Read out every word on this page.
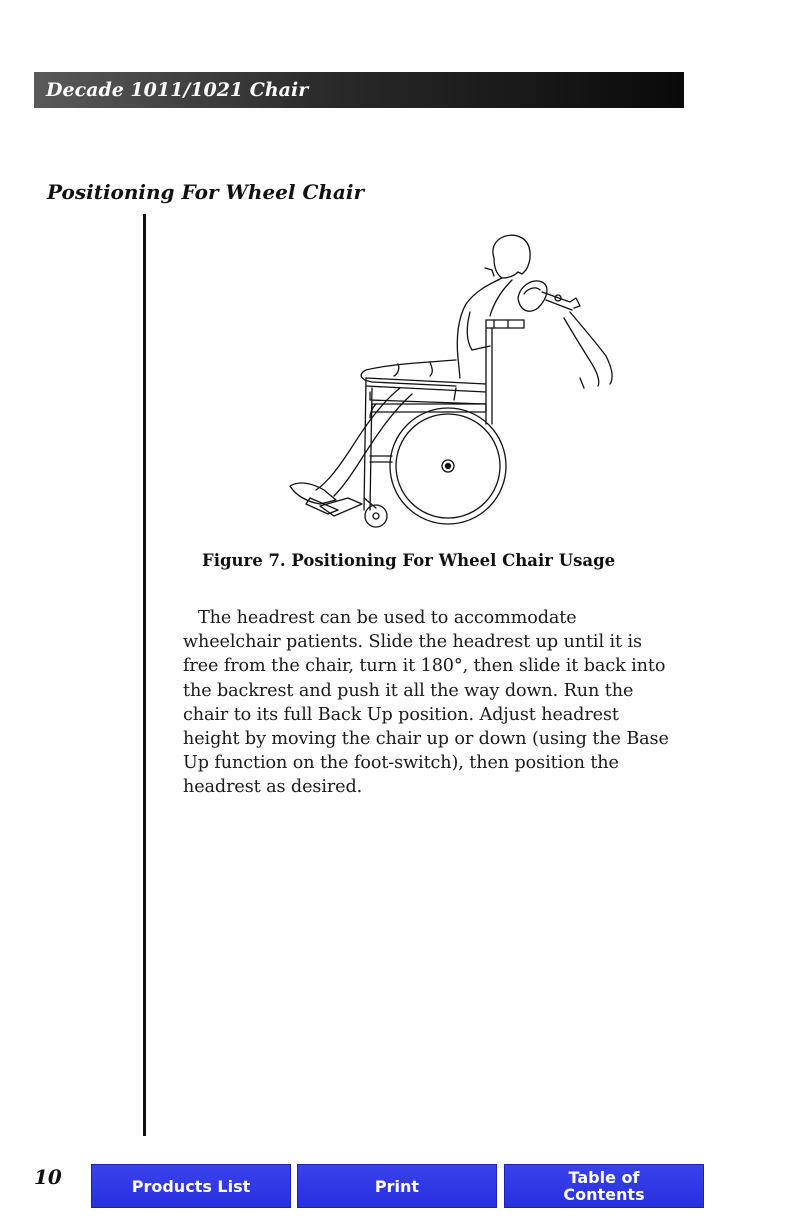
Decade 1011/1021 Chair
Positioning For Wheel Chair
Figure 7. Positioning For Wheel Chair Usage

The headrest can be used to accommodate wheelchair patients. Slide the headrest up until it is free from the chair, turn it 180°, then slide it back into the backrest and push it all the way down. Run the chair to its full Back Up position. Adjust headrest height by moving the chair up or down (using the Base Up function on the foot-switch), then position the headrest as desired.

10	Products List	Print	Table of
Contents
